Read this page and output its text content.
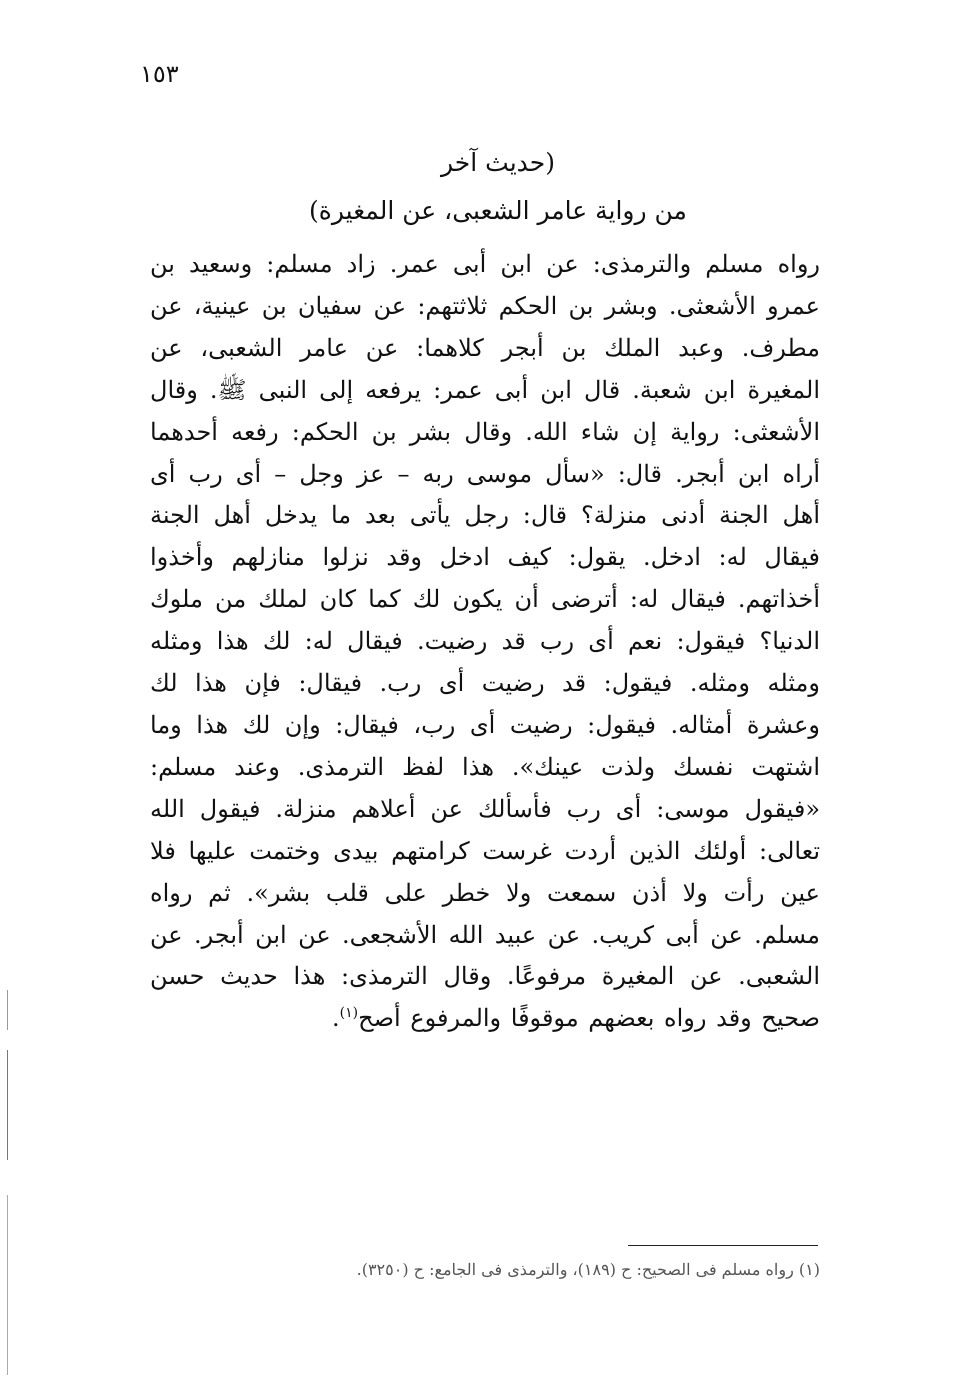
١٥٣
(حديث آخر
من رواية عامر الشعبى، عن المغيرة)

رواه مسلم والترمذى: عن ابن أبى عمر. زاد مسلم: وسعيد بن عمرو الأشعثى. وبشر بن الحكم ثلاثتهم: عن سفيان بن عينية، عن مطرف. وعبد الملك بن أبجر كلاهما: عن عامر الشعبى، عن المغيرة ابن شعبة. قال ابن أبى عمر: يرفعه إلى النبى ﷺ. وقال الأشعثى: رواية إن شاء الله. وقال بشر بن الحكم: رفعه أحدهما أراه ابن أبجر. قال: «سأل موسى ربه – عز وجل – أى رب أى أهل الجنة أدنى منزلة؟ قال: رجل يأتى بعد ما يدخل أهل الجنة فيقال له: ادخل. يقول: كيف ادخل وقد نزلوا منازلهم وأخذوا أخذاتهم. فيقال له: أترضى أن يكون لك كما كان لملك من ملوك الدنيا؟ فيقول: نعم أى رب قد رضيت. فيقال له: لك هذا ومثله ومثله ومثله. فيقول: قد رضيت أى رب. فيقال: فإن هذا لك وعشرة أمثاله. فيقول: رضيت أى رب، فيقال: وإن لك هذا وما اشتهت نفسك ولذت عينك». هذا لفظ الترمذى. وعند مسلم: «فيقول موسى: أى رب فأسألك عن أعلاهم منزلة. فيقول الله تعالى: أولئك الذين أردت غرست كرامتهم بيدى وختمت عليها فلا عين رأت ولا أذن سمعت ولا خطر على قلب بشر». ثم رواه مسلم. عن أبى كريب. عن عبيد الله الأشجعى. عن ابن أبجر. عن الشعبى. عن المغيرة مرفوعًا. وقال الترمذى: هذا حديث حسن صحيح وقد رواه بعضهم موقوفًا والمرفوع أصح$^{(١)}$.

(١) رواه مسلم فى الصحيح: ح (١٨٩)، والترمذى فى الجامع: ح (٣٢٥٠).
